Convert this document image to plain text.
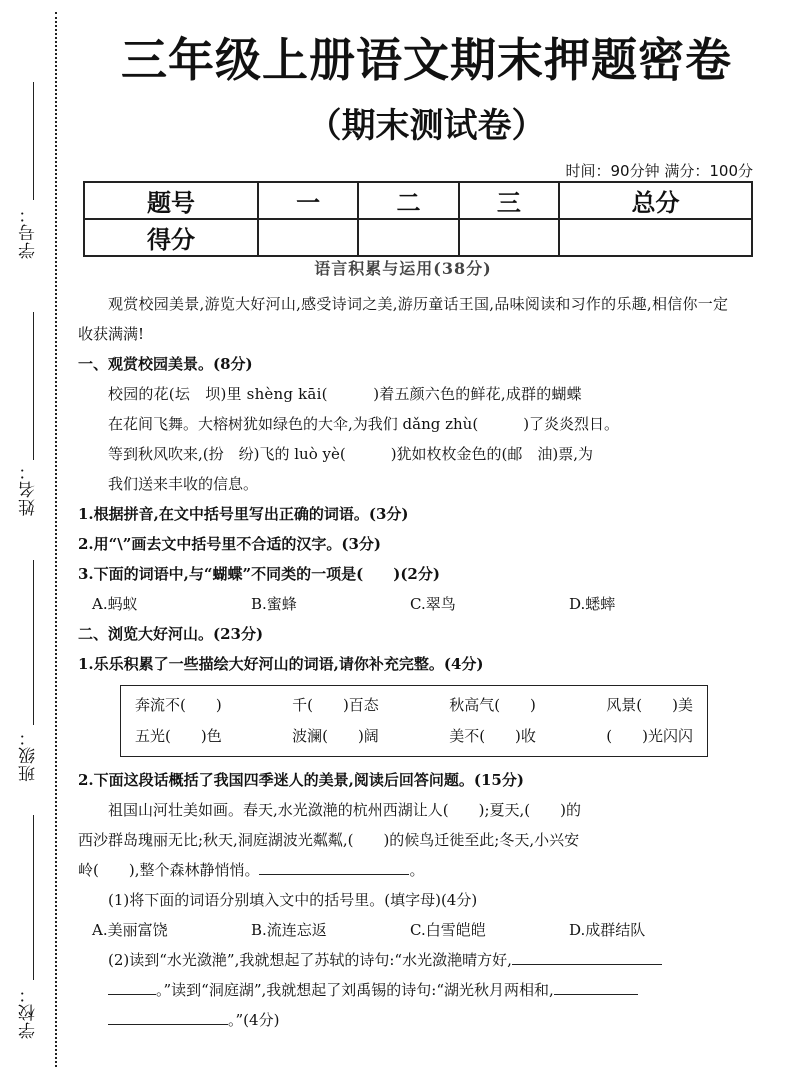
学号：
姓名：
班级：
学校：
三年级上册语文期末押题密卷
（期末测试卷）
时间：90分钟 满分：100分
题号	一	二	三	总分
得分				
语言积累与运用(38分)

观赏校园美景,游览大好河山,感受诗词之美,游历童话王国,品味阅读和习作的乐趣,相信你一定收获满满!

一、观赏校园美景。(8分)

校园的花(坛　坝)里 shèng kāi(　　　)着五颜六色的鲜花,成群的蝴蝶

在花间飞舞。大榕树犹如绿色的大伞,为我们 dǎng zhù(　　　)了炎炎烈日。

等到秋风吹来,(扮　纷)飞的 luò yè(　　　)犹如枚枚金色的(邮　油)票,为

我们送来丰收的信息。

1.根据拼音,在文中括号里写出正确的词语。(3分)

2.用“\”画去文中括号里不合适的汉字。(3分)

3.下面的词语中,与“蝴蝶”不同类的一项是(　　)(2分)

A.蚂蚁	B.蜜蜂	C.翠鸟	D.蟋蟀

二、浏览大好河山。(23分)

1.乐乐积累了一些描绘大好河山的词语,请你补充完整。(4分)

奔流不(　　)	千(　　)百态	秋高气(　　)	风景(　　)美
五光(　　)色	波澜(　　)阔	美不(　　)收	(　　)光闪闪

2.下面这段话概括了我国四季迷人的美景,阅读后回答问题。(15分)

祖国山河壮美如画。春天,水光潋滟的杭州西湖让人(　　);夏天,(　　)的

西沙群岛瑰丽无比;秋天,洞庭湖波光粼粼,(　　)的候鸟迁徙至此;冬天,小兴安

岭(　　),整个森林静悄悄。	。

(1)将下面的词语分别填入文中的括号里。(填字母)(4分)

A.美丽富饶	B.流连忘返	C.白雪皑皑	D.成群结队

(2)读到“水光潋滟”,我就想起了苏轼的诗句:“水光潋滟晴方好,

。”读到“洞庭湖”,我就想起了刘禹锡的诗句:“湖光秋月两相和,

。”(4分)
